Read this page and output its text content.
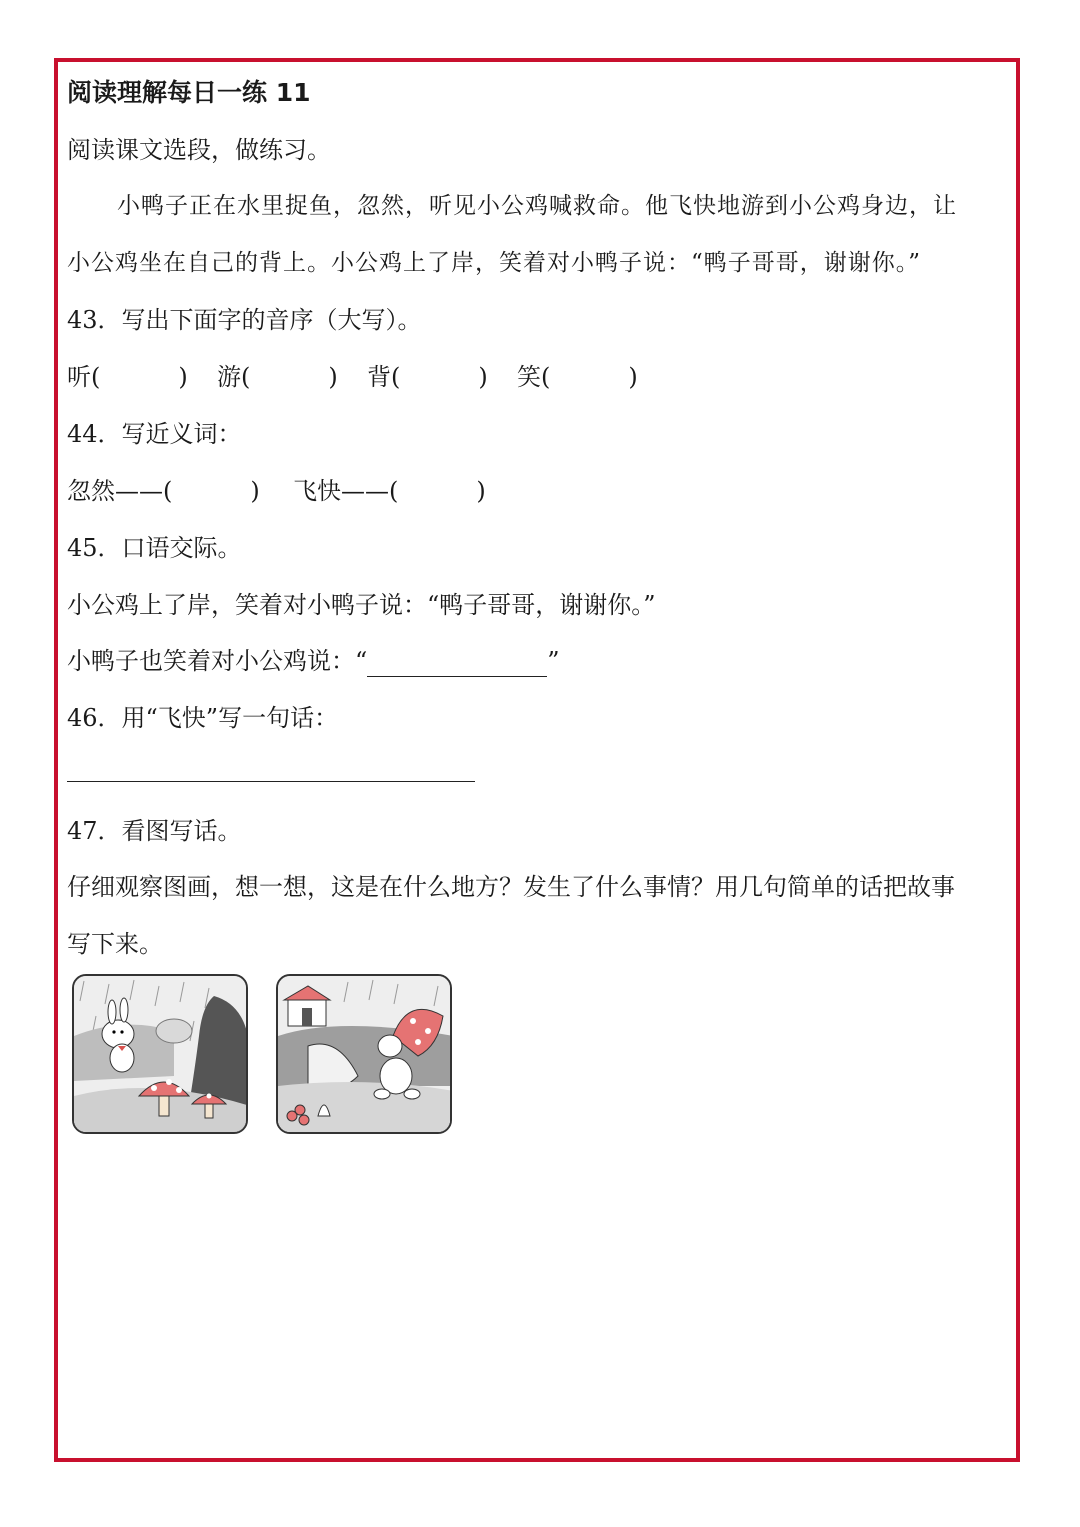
阅读理解每日一练 11
阅读课文选段，做练习。
小鸭子正在水里捉鱼，忽然，听见小公鸡喊救命。他飞快地游到小公鸡身边，让
小公鸡坐在自己的背上。小公鸡上了岸，笑着对小鸭子说：“鸭子哥哥，谢谢你。”
43．写出下面字的音序（大写）。
听(	) 游(	) 背(	) 笑(	)
44．写近义词：
忽然——(	) 飞快——(	)
45．口语交际。
小公鸡上了岸，笑着对小鸭子说：“鸭子哥哥，谢谢你。”
小鸭子也笑着对小公鸡说：“	”
46．用“飞快”写一句话：
47．看图写话。
仔细观察图画，想一想，这是在什么地方？发生了什么事情？用几句简单的话把故事
写下来。
